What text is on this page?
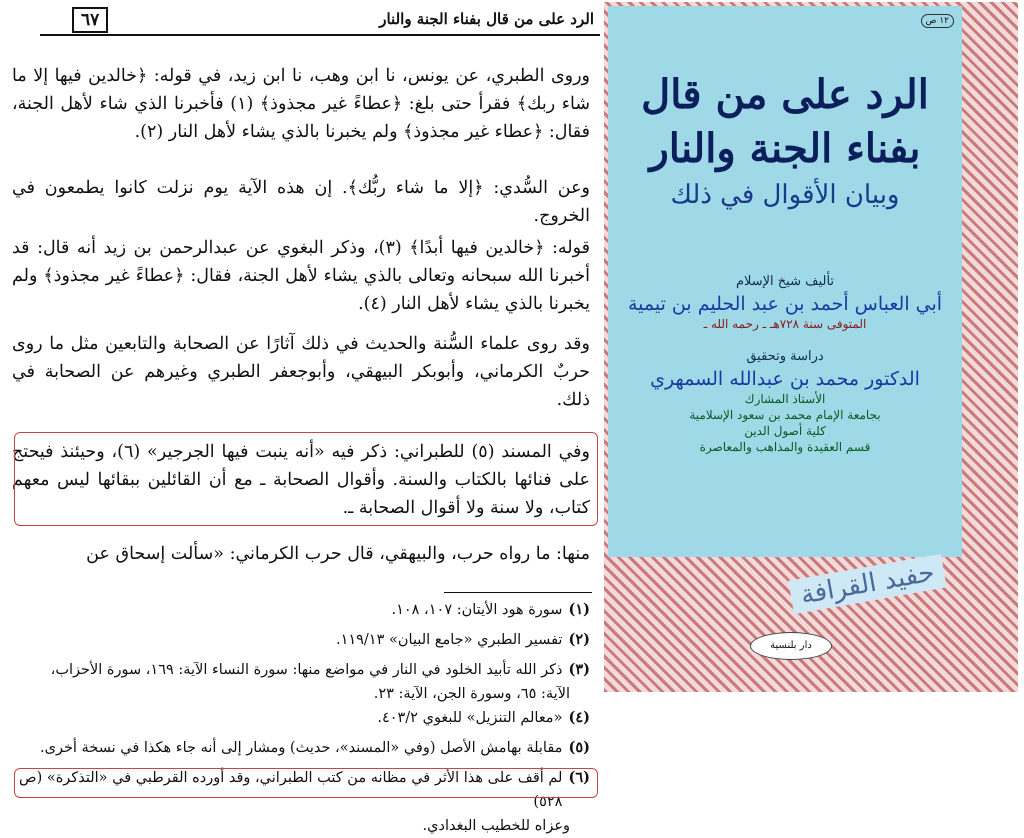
الرد على من قال بفناء الجنة والنار
٦٧

وروى الطبري، عن يونس، نا ابن وهب، نا ابن زيد، في قوله: ﴿خالدين فيها إلا ما شاء ربك﴾ فقرأ حتى بلغ: ﴿عطاءً غير مجذوذ﴾ (١) فأخبرنا الذي شاء لأهل الجنة، فقال: ﴿عطاء غير مجذوذ﴾ ولم يخبرنا بالذي يشاء لأهل النار (٢).

وعن السُّدي: ﴿إلا ما شاء ربُّك﴾. إن هذه الآية يوم نزلت كانوا يطمعون في الخروج.

قوله: ﴿خالدين فيها أبدًا﴾ (٣)، وذكر البغوي عن عبدالرحمن بن زيد أنه قال: قد أخبرنا الله سبحانه وتعالى بالذي يشاء لأهل الجنة، فقال: ﴿عطاءً غير مجذوذ﴾ ولم يخبرنا بالذي يشاء لأهل النار (٤).

وقد روى علماء السُّنة والحديث في ذلك آثارًا عن الصحابة والتابعين مثل ما روى حربٌ الكرماني، وأبوبكر البيهقي، وأبوجعفر الطبري وغيرهم عن الصحابة في ذلك.

وفي المسند (٥) للطبراني: ذكر فيه «أنه ينبت فيها الجرجير» (٦)، وحيئنذ فيحتج على فنائها بالكتاب والسنة. وأقوال الصحابة ـ مع أن القائلين ببقائها ليس معهم كتاب، ولا سنة ولا أقوال الصحابة ـ.

منها: ما رواه حرب، والبيهقي، قال حرب الكرماني: «سألت إسحاق عن

(١)
سورة هود الأيتان: ١٠٧، ١٠٨.
(٢)
تفسير الطبري «جامع البيان» ١١٩/١٣.
(٣)
ذكر الله تأبيد الخلود في النار في مواضع منها: سورة النساء الآية: ١٦٩، سورة الأحزاب،
الآية: ٦٥، وسورة الجن، الآية: ٢٣.
(٤)
«معالم التنزيل» للبغوي ٤٠٣/٢.
(٥)
مقابلة بهامش الأصل (وفي «المسند»، حديث) ومشار إلى أنه جاء هكذا في نسخة أخرى.
(٦)
لم أقف على هذا الأثر في مظانه من كتب الطبراني، وقد أورده القرطبي في «التذكرة» (ص ٥٢٨)
وعزاه للخطيب البغدادي.
١٢ ص
الرد على من قال بفناء الجنة والنار
وبيان الأقوال في ذلك
تأليف شيخ الإسلام
أبي العباس أحمد بن عبد الحليم بن تيمية
المتوفى سنة ٧٢٨هـ ـ رحمه الله ـ
دراسة وتحقيق
الدكتور محمد بن عبدالله السمهري
الأستاذ المشارك
بجامعة الإمام محمد بن سعود الإسلامية
كلية أصول الدين
قسم العقيدة والمذاهب والمعاصرة
حفيد القرافة
دار بلنسية
